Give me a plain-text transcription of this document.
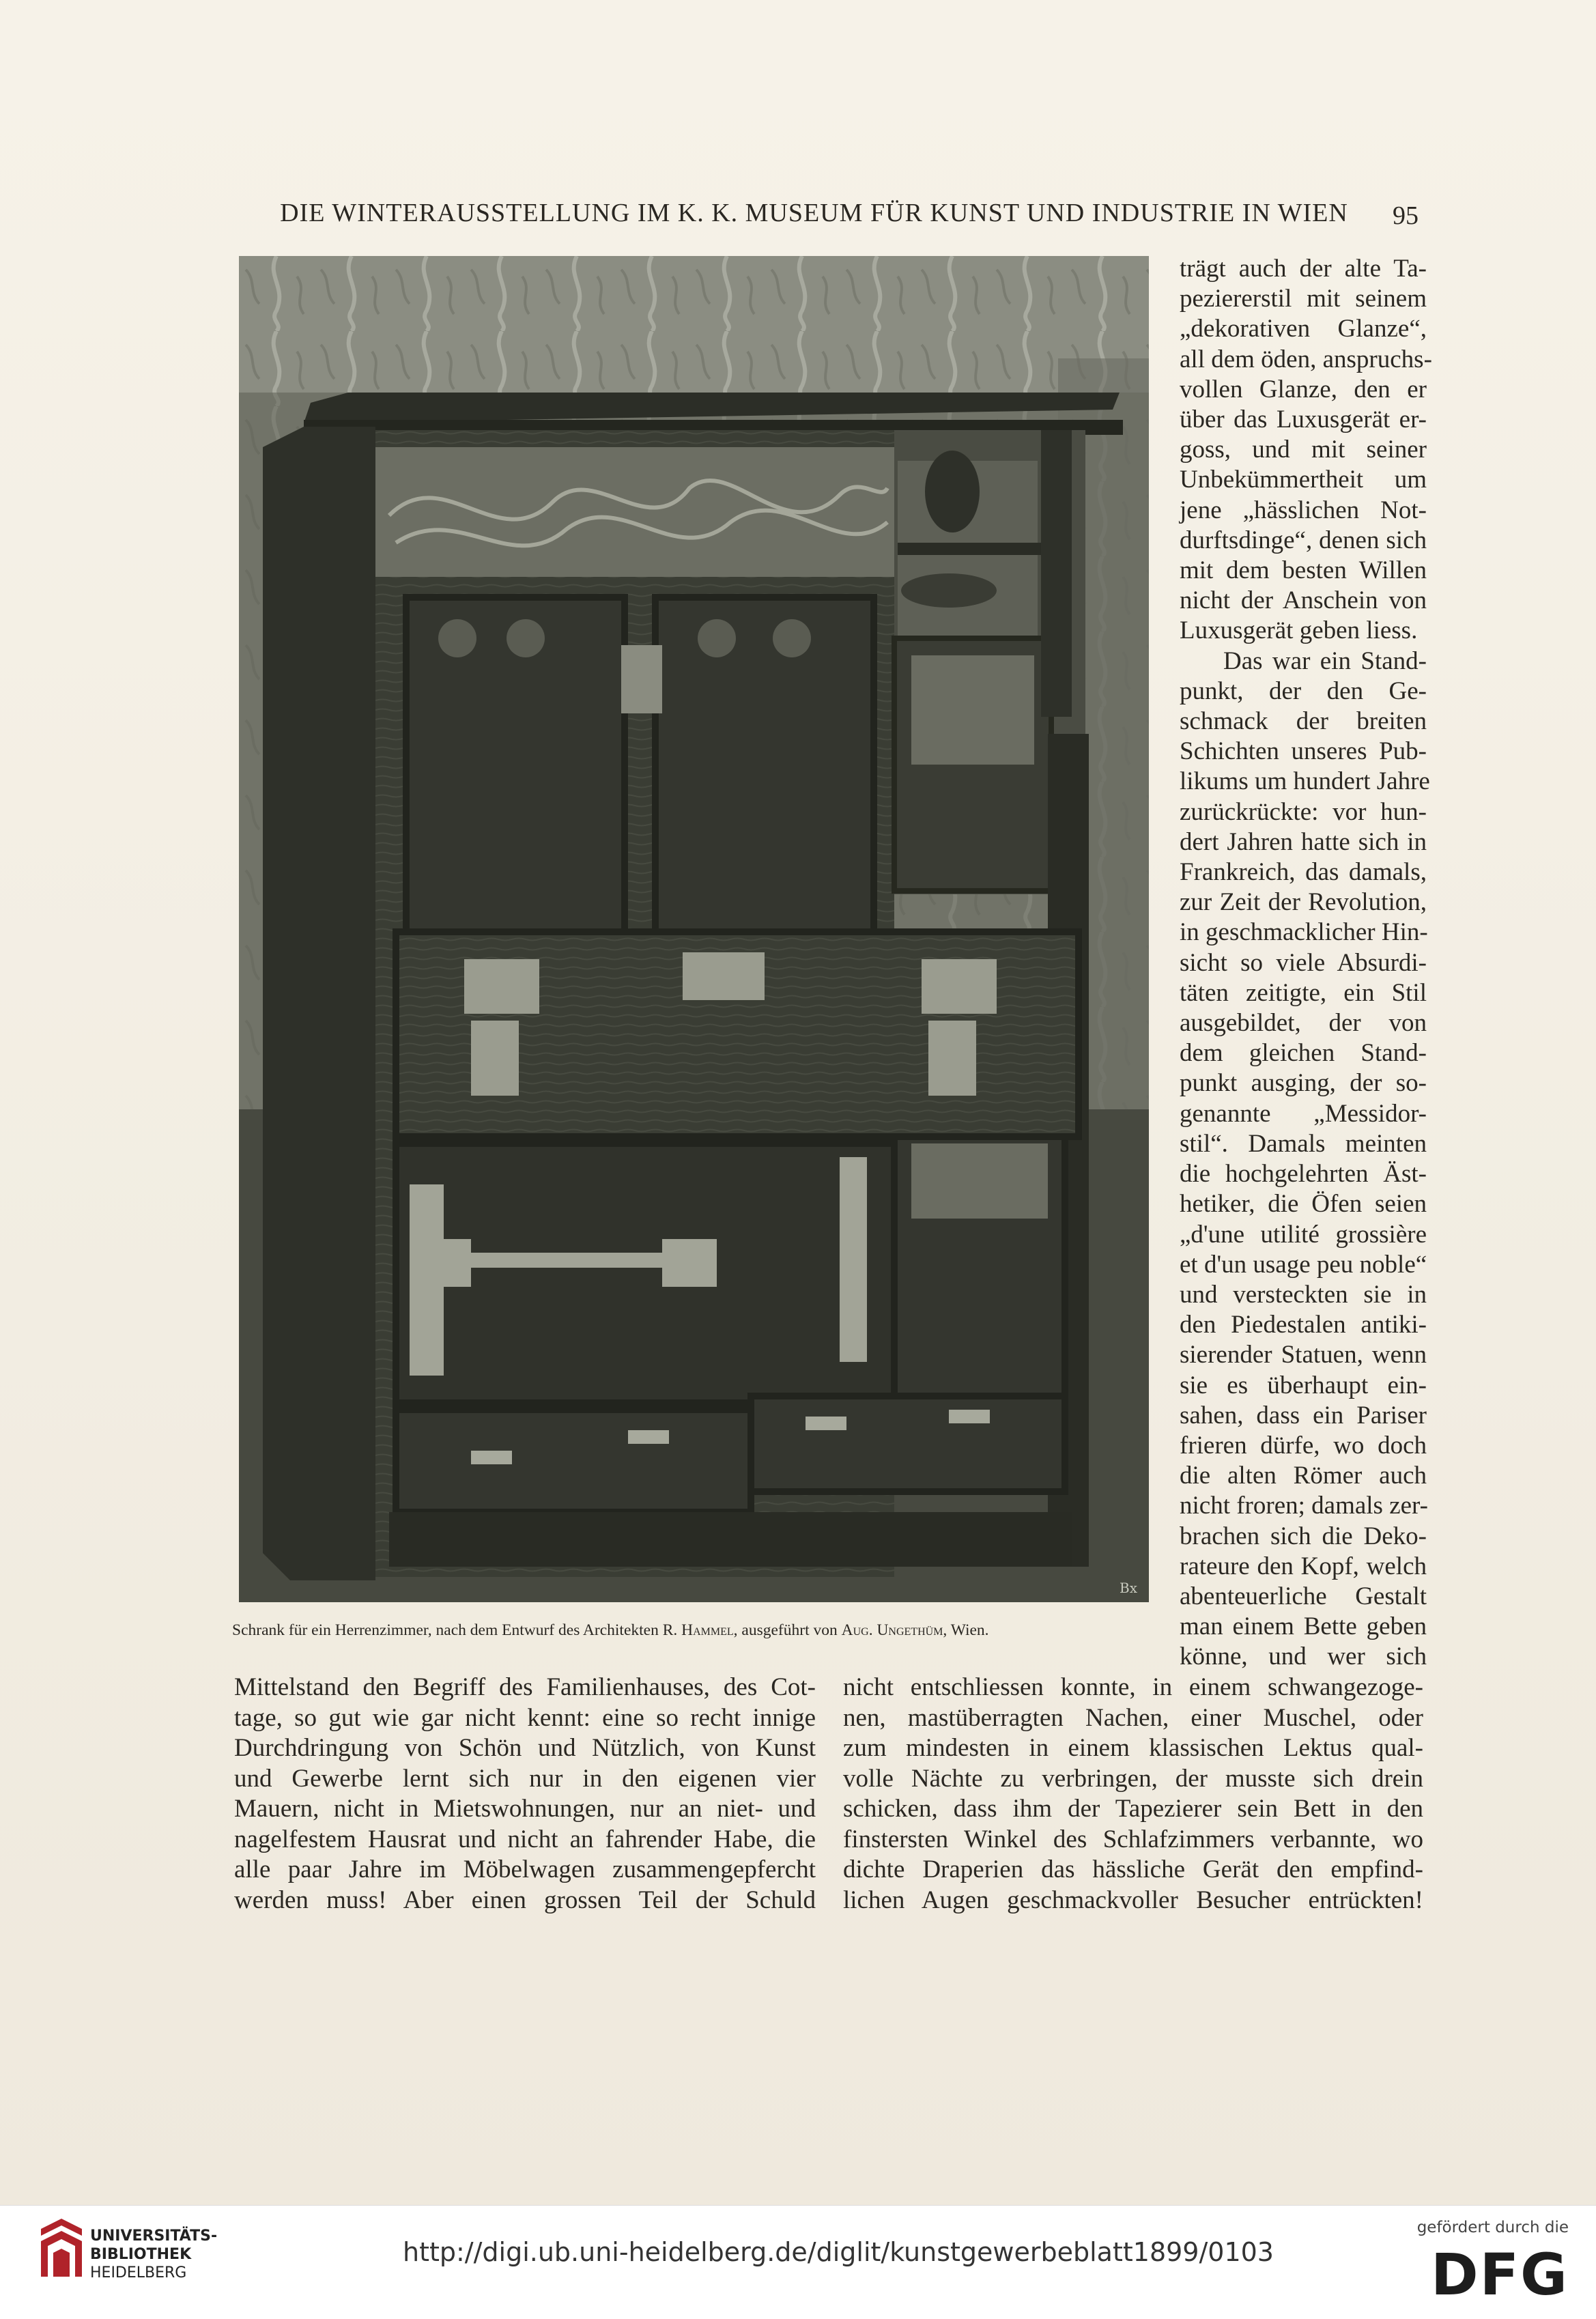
DIE WINTERAUSSTELLUNG IM K. K. MUSEUM FÜR KUNST UND INDUSTRIE IN WIEN	95
Bx
Schrank für ein Herrenzimmer, nach dem Entwurf des Architekten R. Hammel, ausgeführt von Aug. Ungethüm, Wien.
trägt auch der alte Ta-
peziererstil mit seinem
„dekorativen Glanze“,
all dem öden, anspruchs-
vollen Glanze, den er
über das Luxusgerät er-
goss, und mit seiner
Unbekümmertheit um
jene „hässlichen Not-
durftsdinge“, denen sich
mit dem besten Willen
nicht der Anschein von
Luxusgerät geben liess.
Das war ein Stand-
punkt, der den Ge-
schmack der breiten
Schichten unseres Pub-
likums um hundert Jahre
zurückrückte: vor hun-
dert Jahren hatte sich in
Frankreich, das damals,
zur Zeit der Revolution,
in geschmacklicher Hin-
sicht so viele Absurdi-
täten zeitigte, ein Stil
ausgebildet, der von
dem gleichen Stand-
punkt ausging, der so-
genannte „Messidor-
stil“. Damals meinten
die hochgelehrten Äst-
hetiker, die Öfen seien
„d'une utilité grossière
et d'un usage peu noble“
und versteckten sie in
den Piedestalen antiki-
sierender Statuen, wenn
sie es überhaupt ein-
sahen, dass ein Pariser
frieren dürfe, wo doch
die alten Römer auch
nicht froren; damals zer-
brachen sich die Deko-
rateure den Kopf, welch
abenteuerliche Gestalt
man einem Bette geben
könne, und wer sich
Mittelstand den Begriff des Familienhauses, des Cot-
tage, so gut wie gar nicht kennt: eine so recht innige
Durchdringung von Schön und Nützlich, von Kunst
und Gewerbe lernt sich nur in den eigenen vier
Mauern, nicht in Mietswohnungen, nur an niet- und
nagelfestem Hausrat und nicht an fahrender Habe, die
alle paar Jahre im Möbelwagen zusammengepfercht
werden muss! Aber einen grossen Teil der Schuld
nicht entschliessen konnte, in einem schwangezoge-
nen, mastüberragten Nachen, einer Muschel, oder
zum mindesten in einem klassischen Lektus qual-
volle Nächte zu verbringen, der musste sich drein
schicken, dass ihm der Tapezierer sein Bett in den
finstersten Winkel des Schlafzimmers verbannte, wo
dichte Draperien das hässliche Gerät den empfind-
lichen Augen geschmackvoller Besucher entrückten!
UNIVERSITÄTS-
BIBLIOTHEK
HEIDELBERG
http://digi.ub.uni-heidelberg.de/diglit/kunstgewerbeblatt1899/0103
gefördert durch die
DFG
